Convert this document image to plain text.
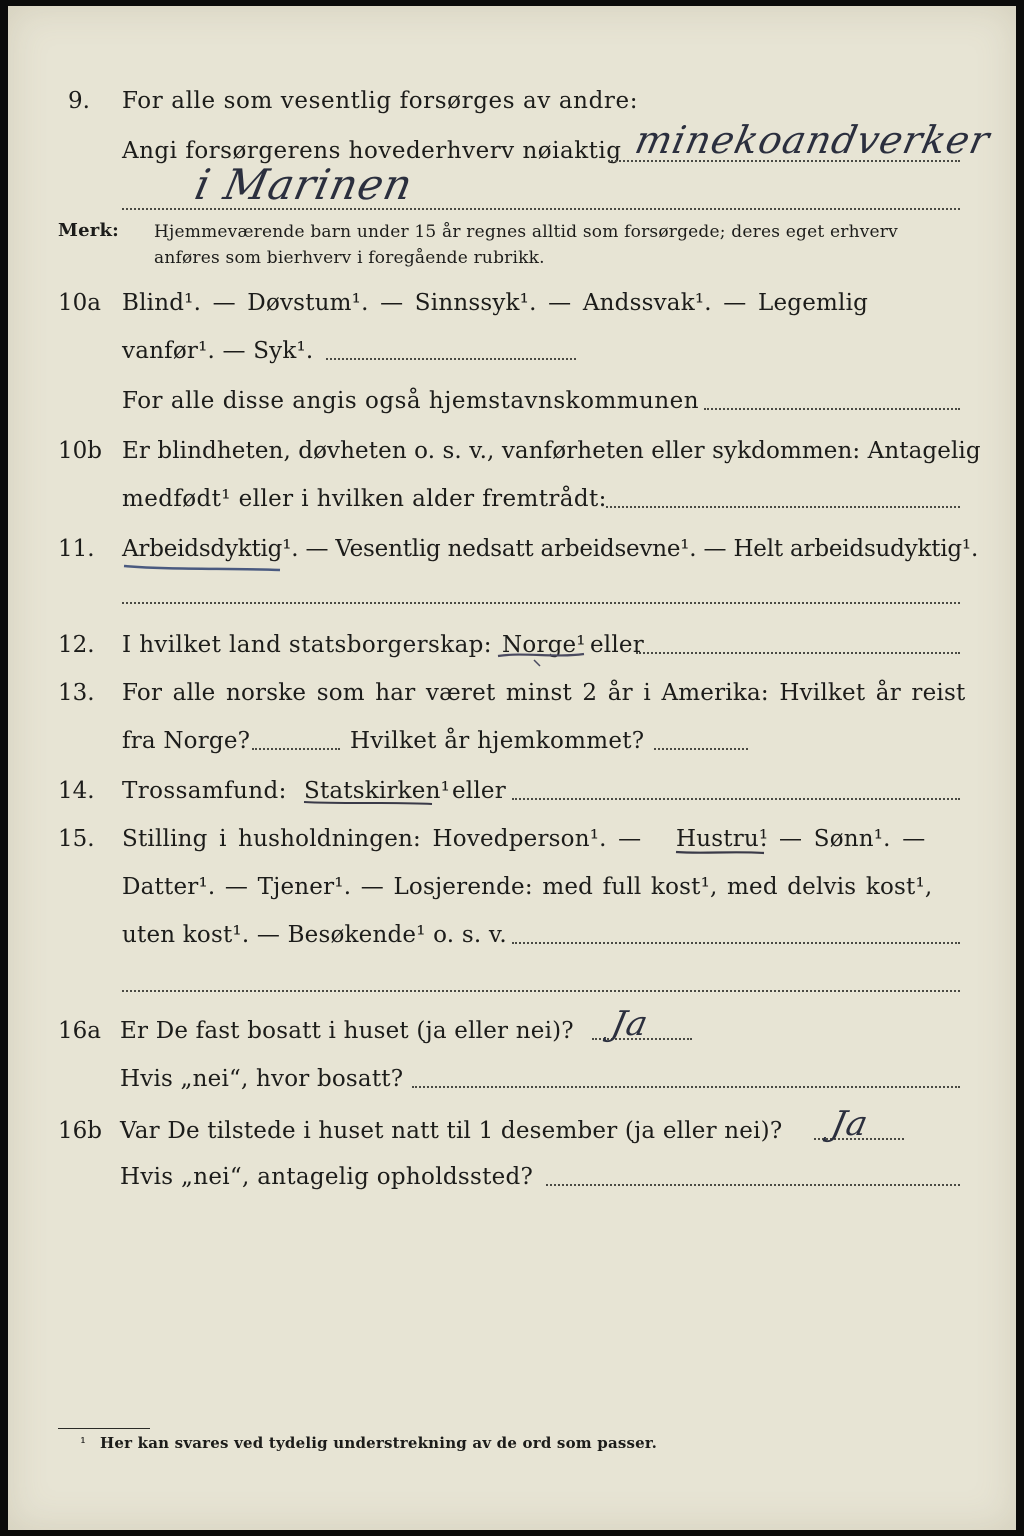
9. For alle som vesentlig forsørges av andre:
Angi forsørgerens hovederhverv nøiaktig minekoandverker
i Marinen
Merk: Hjemmeværende barn under 15 år regnes alltid som forsørgede; deres eget erhverv
anføres som bierhverv i foregående rubrikk.
10a Blind¹. — Døvstum¹. — Sinnssyk¹. — Andssvak¹. — Legemlig
vanfør¹. — Syk¹.
For alle disse angis også hjemstavnskommunen
10b Er blindheten, døvheten o. s. v., vanførheten eller sykdommen: Antagelig
medfødt¹ eller i hvilken alder fremtrådt:
11. Arbeidsdyktig¹. — Vesentlig nedsatt arbeidsevne¹. — Helt arbeidsudyktig¹.
12. I hvilket land statsborgerskap: Norge¹ eller
13. For alle norske som har været minst 2 år i Amerika: Hvilket år reist
fra Norge?	Hvilket år hjemkommet?
14. Trossamfund: Statskirken¹ eller
15. Stilling i husholdningen: Hovedperson¹. — Hustru¹
. — Sønn¹. —
Datter¹. — Tjener¹. — Losjerende: med full kost¹, med delvis kost¹,
uten kost¹. — Besøkende¹ o. s. v.
16a Er De fast bosatt i huset (ja eller nei)? Ja
Hvis „nei“, hvor bosatt?
16b Var De tilstede i huset natt til 1 desember (ja eller nei)? Ja
Hvis „nei“, antagelig opholdssted?
¹ Her kan svares ved tydelig understrekning av de ord som passer.
